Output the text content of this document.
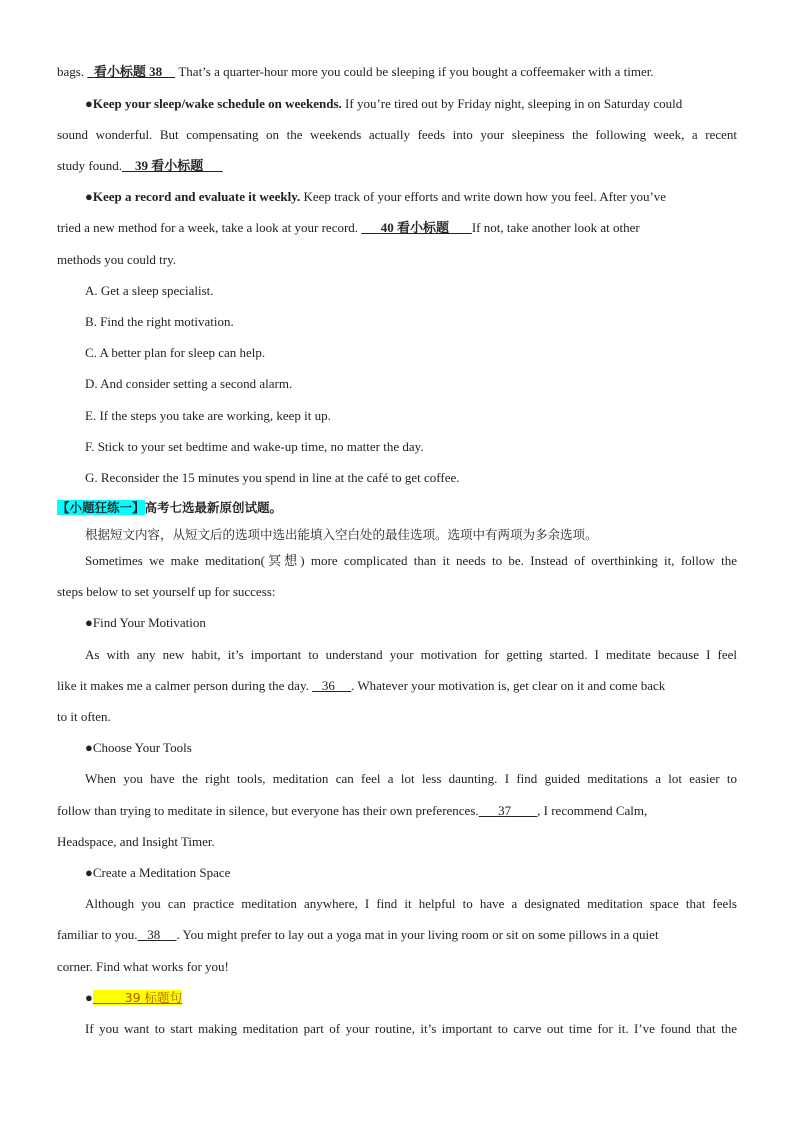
bags. 看小标题 38 That’s a quarter-hour more you could be sleeping if you bought a coffeemaker with a timer.
●Keep your sleep/wake schedule on weekends. If you’re tired out by Friday night, sleeping in on Saturday could
sound wonderful. But compensating on the weekends actually feeds into your sleepiness the following week, a recent
study found. 39 看小标题
●Keep a record and evaluate it weekly. Keep track of your efforts and write down how you feel. After you’ve
tried a new method for a week, take a look at your record. 40 看小标题 If not, take another look at other
methods you could try.
A. Get a sleep specialist.
B. Find the right motivation.
C. A better plan for sleep can help.
D. And consider setting a second alarm.
E. If the steps you take are working, keep it up.
F. Stick to your set bedtime and wake-up time, no matter the day.
G. Reconsider the 15 minutes you spend in line at the café to get coffee.
【小题狂练一】高考七选最新原创试题。
根据短文内容，从短文后的选项中选出能填入空白处的最佳选项。选项中有两项为多余选项。
Sometimes we make meditation(冥想) more complicated than it needs to be. Instead of overthinking it, follow the
steps below to set yourself up for success:
●Find Your Motivation
As with any new habit, it’s important to understand your motivation for getting started. I meditate because I feel
like it makes me a calmer person during the day. 36 . Whatever your motivation is, get clear on it and come back
to it often.
●Choose Your Tools
When you have the right tools, meditation can feel a lot less daunting. I find guided meditations a lot easier to
follow than trying to meditate in silence, but everyone has their own preferences. 37 , I recommend Calm,
Headspace, and Insight Timer.
●Create a Meditation Space
Although you can practice meditation anywhere, I find it helpful to have a designated meditation space that feels
familiar to you. 38 . You might prefer to lay out a yoga mat in your living room or sit on some pillows in a quiet
corner. Find what works for you!
●	39 标题句
If you want to start making meditation part of your routine, it’s important to carve out time for it. I’ve found that the
